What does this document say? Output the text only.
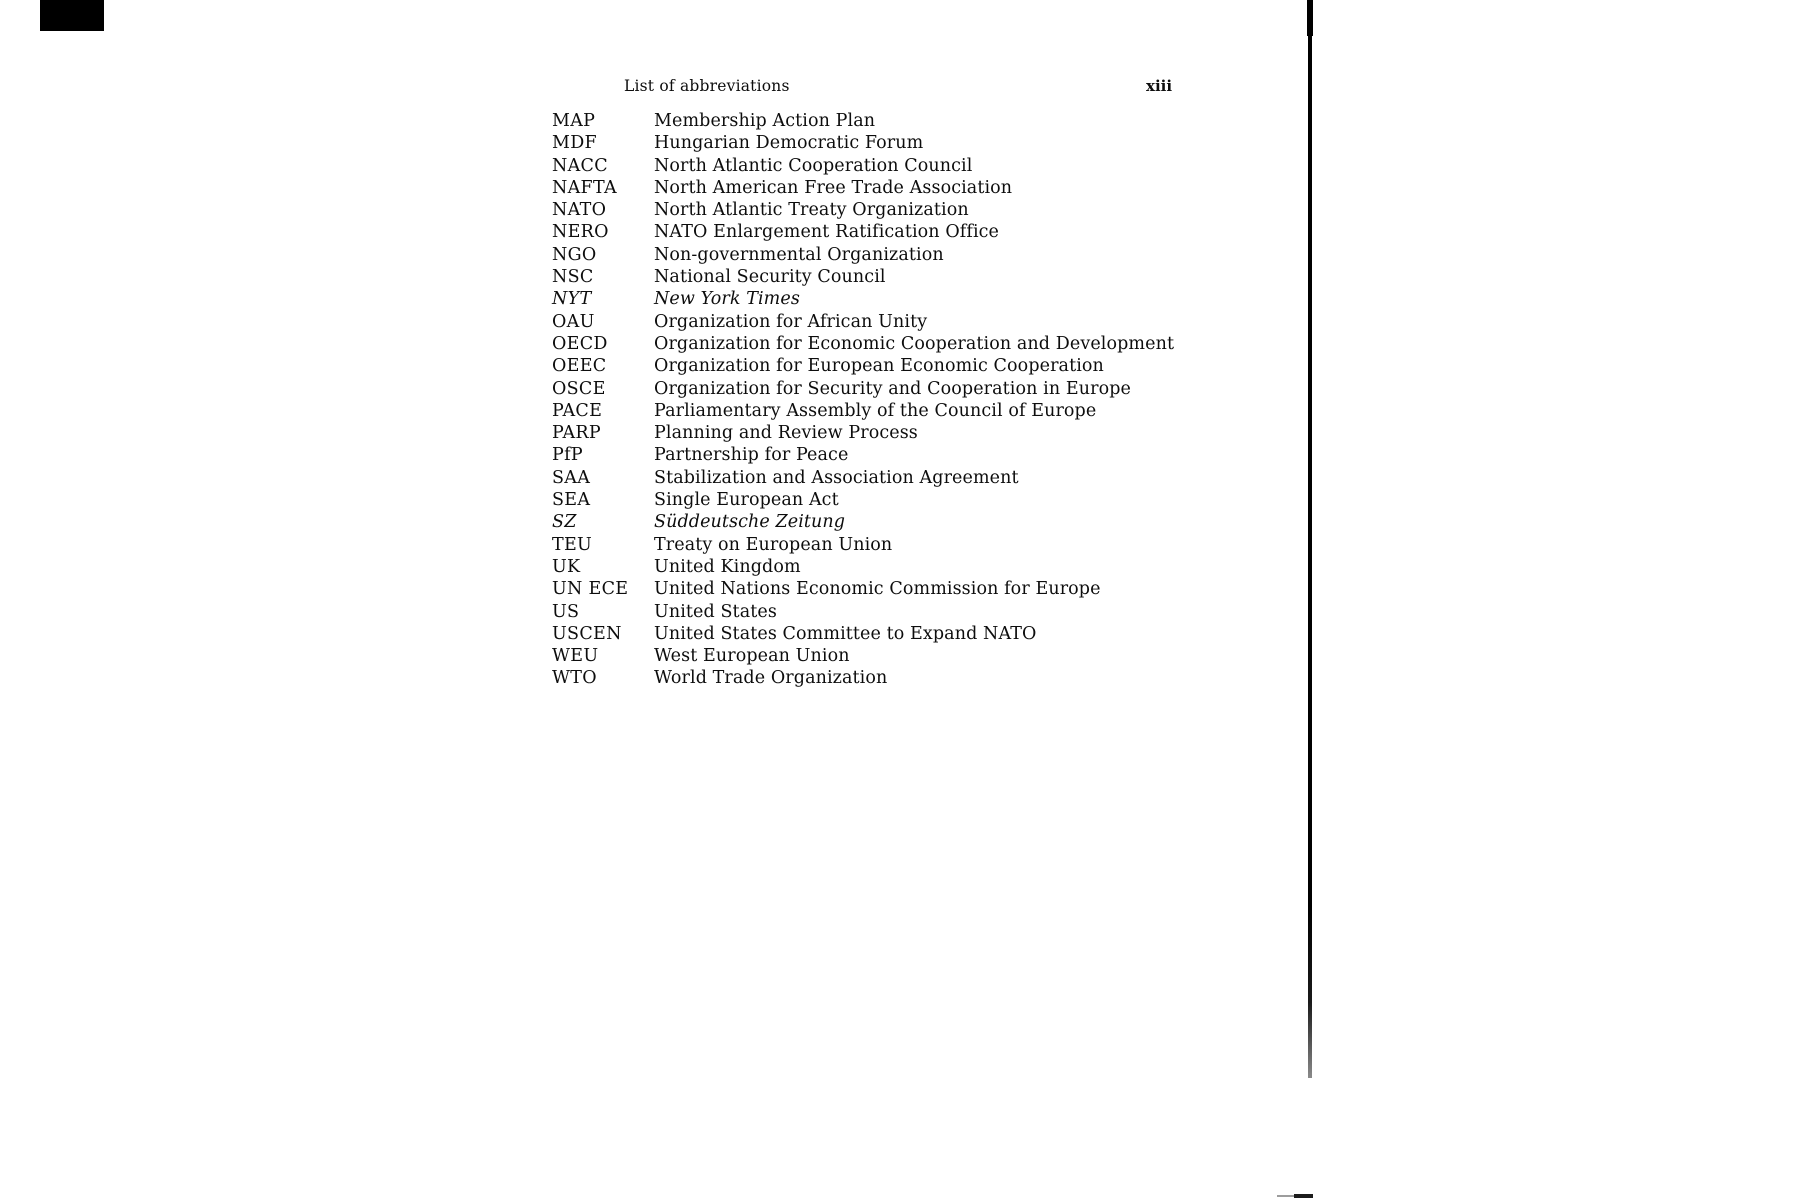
List of abbreviations	xiii
MAP	Membership Action Plan
MDF	Hungarian Democratic Forum
NACC	North Atlantic Cooperation Council
NAFTA	North American Free Trade Association
NATO	North Atlantic Treaty Organization
NERO	NATO Enlargement Ratification Office
NGO	Non-governmental Organization
NSC	National Security Council
NYT	New York Times
OAU	Organization for African Unity
OECD	Organization for Economic Cooperation and Development
OEEC	Organization for European Economic Cooperation
OSCE	Organization for Security and Cooperation in Europe
PACE	Parliamentary Assembly of the Council of Europe
PARP	Planning and Review Process
PfP	Partnership for Peace
SAA	Stabilization and Association Agreement
SEA	Single European Act
SZ	Süddeutsche Zeitung
TEU	Treaty on European Union
UK	United Kingdom
UN ECE	United Nations Economic Commission for Europe
US	United States
USCEN	United States Committee to Expand NATO
WEU	West European Union
WTO	World Trade Organization
